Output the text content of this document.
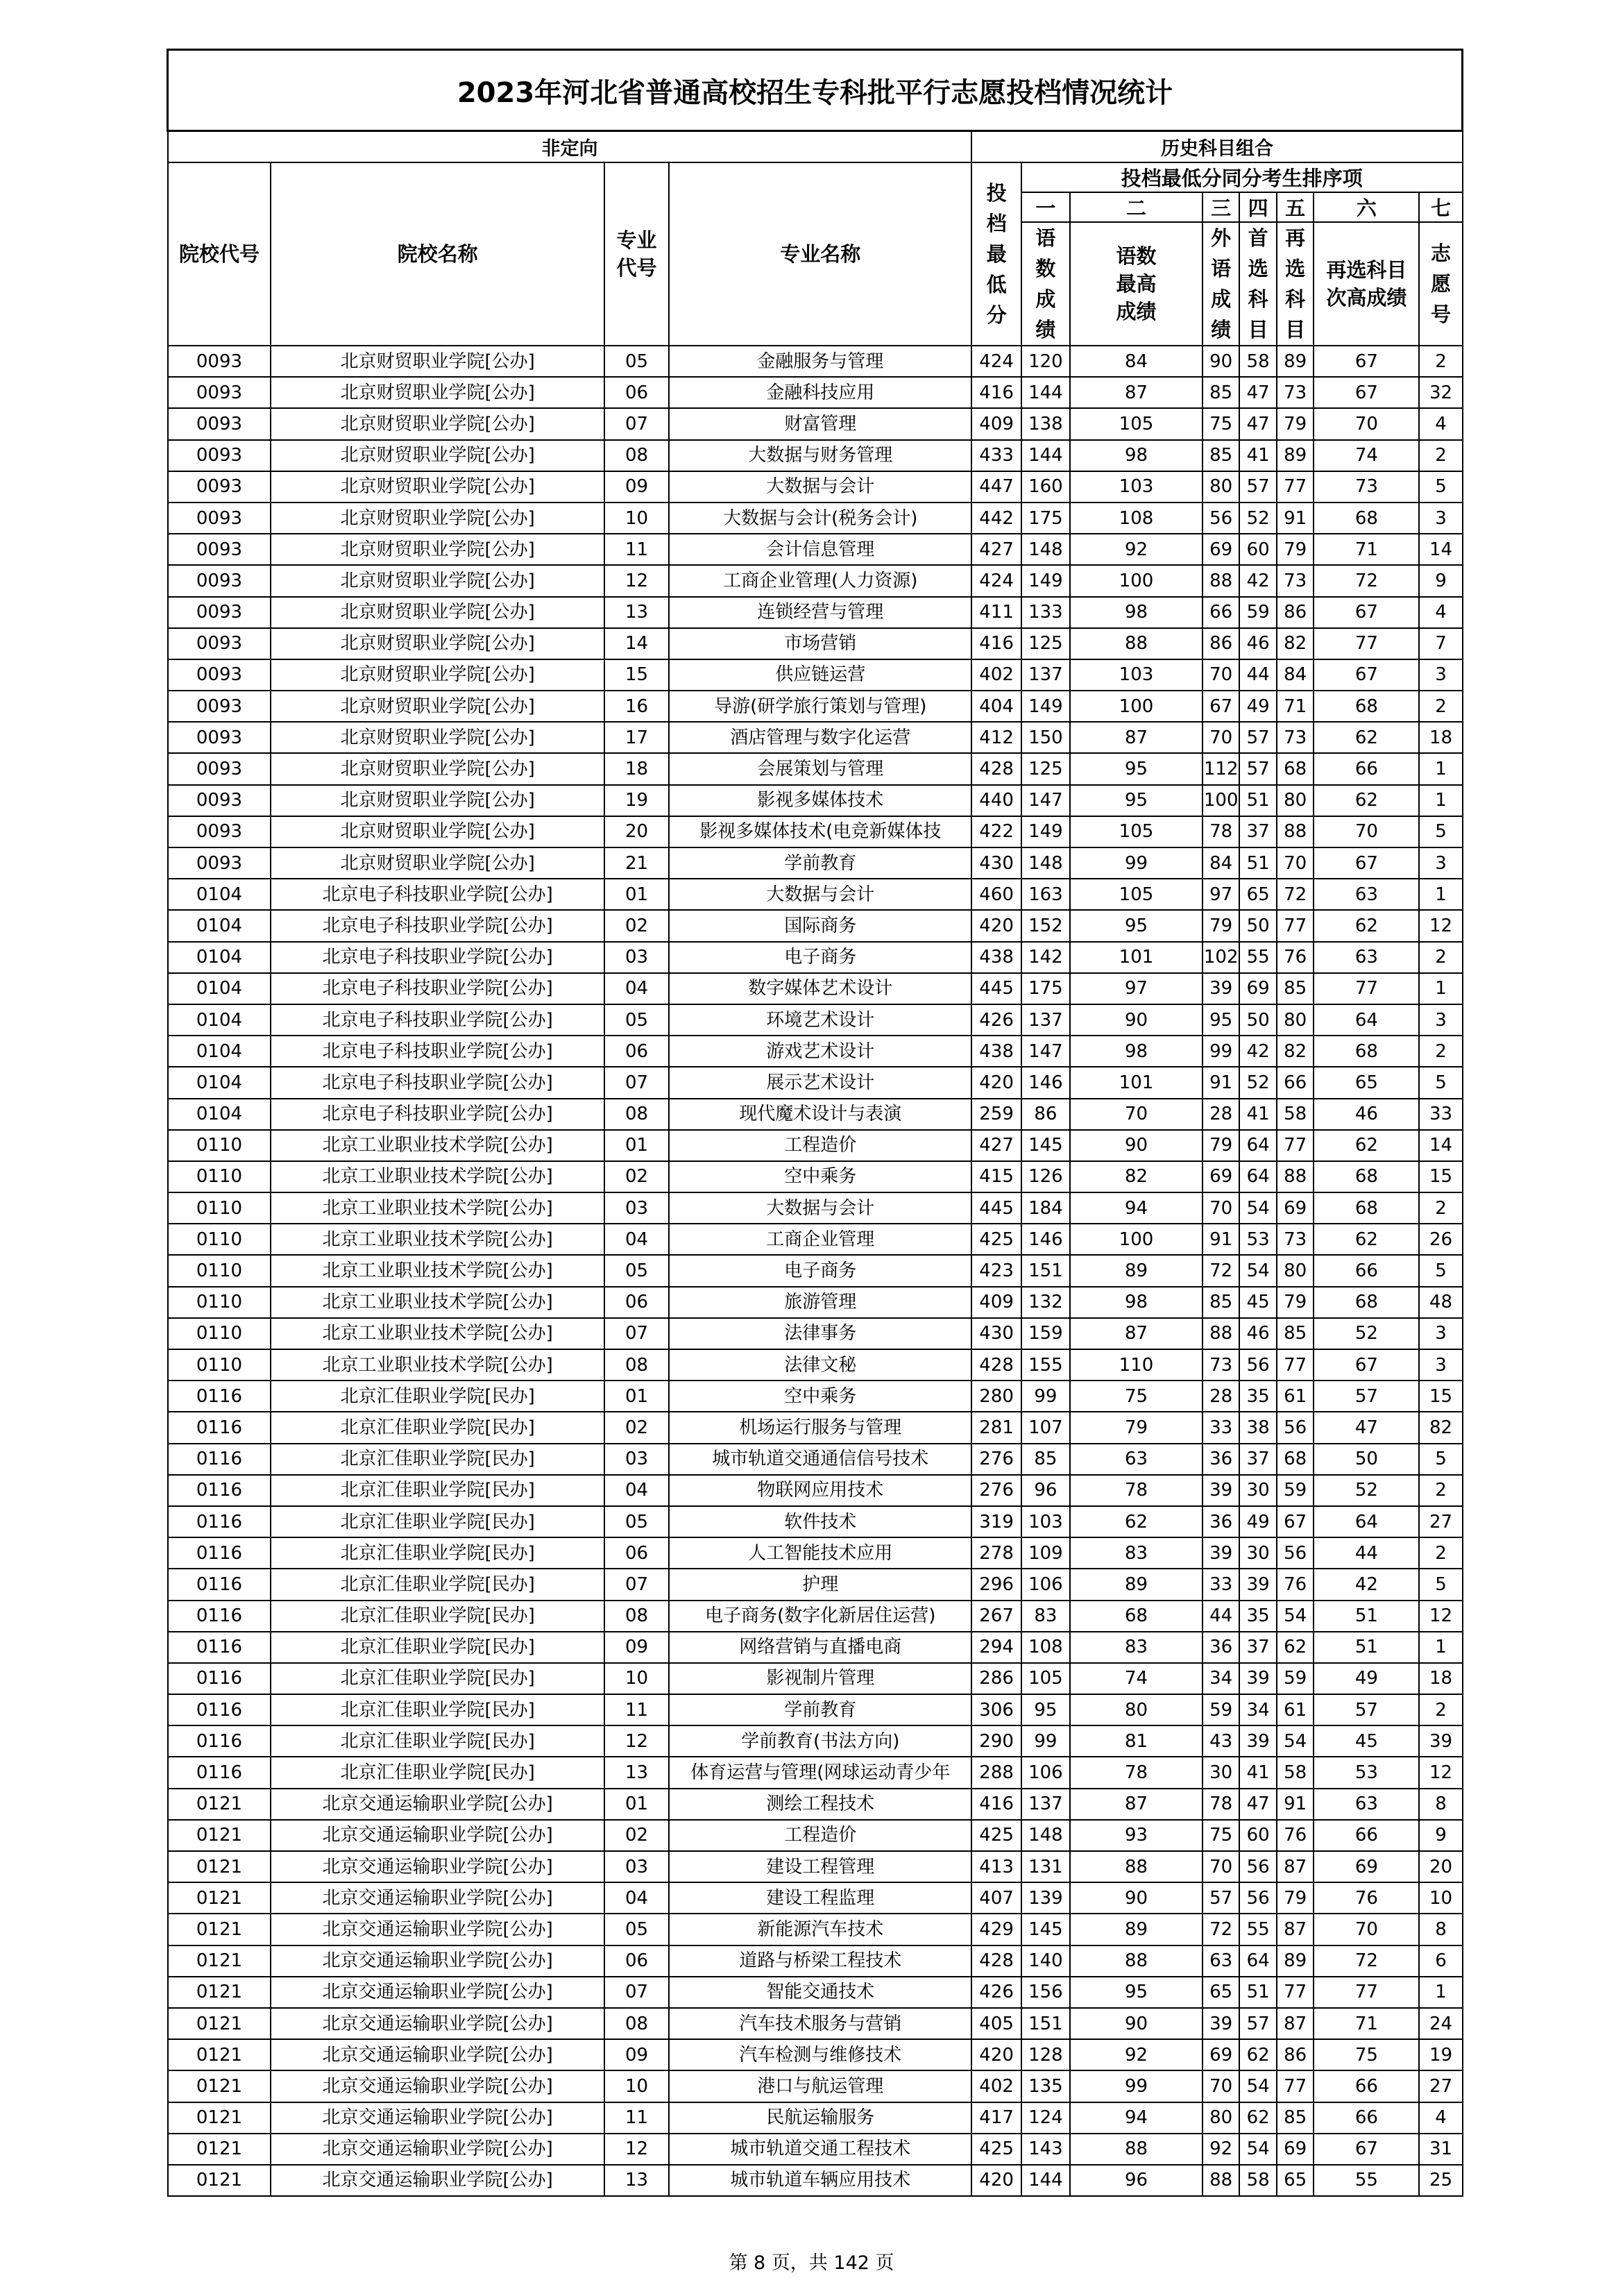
2023年河北省普通高校招生专科批平行志愿投档情况统计											
非定向				历史科目组合							
院校代号	院校名称	专业代号	专业名称	投档最低分	投档最低分同分考生排序项						
					一	二	三	四	五	六	七
					语数成绩	语数最高成绩	外语成绩	首选科目	再选科目	再选科目次高成绩	志愿号
0093	北京财贸职业学院[公办]	05	金融服务与管理	424	120	84	90	58	89	67	2
0093	北京财贸职业学院[公办]	06	金融科技应用	416	144	87	85	47	73	67	32
0093	北京财贸职业学院[公办]	07	财富管理	409	138	105	75	47	79	70	4
0093	北京财贸职业学院[公办]	08	大数据与财务管理	433	144	98	85	41	89	74	2
0093	北京财贸职业学院[公办]	09	大数据与会计	447	160	103	80	57	77	73	5
0093	北京财贸职业学院[公办]	10	大数据与会计(税务会计)	442	175	108	56	52	91	68	3
0093	北京财贸职业学院[公办]	11	会计信息管理	427	148	92	69	60	79	71	14
0093	北京财贸职业学院[公办]	12	工商企业管理(人力资源)	424	149	100	88	42	73	72	9
0093	北京财贸职业学院[公办]	13	连锁经营与管理	411	133	98	66	59	86	67	4
0093	北京财贸职业学院[公办]	14	市场营销	416	125	88	86	46	82	77	7
0093	北京财贸职业学院[公办]	15	供应链运营	402	137	103	70	44	84	67	3
0093	北京财贸职业学院[公办]	16	导游(研学旅行策划与管理)	404	149	100	67	49	71	68	2
0093	北京财贸职业学院[公办]	17	酒店管理与数字化运营	412	150	87	70	57	73	62	18
0093	北京财贸职业学院[公办]	18	会展策划与管理	428	125	95	112	57	68	66	1
0093	北京财贸职业学院[公办]	19	影视多媒体技术	440	147	95	100	51	80	62	1
0093	北京财贸职业学院[公办]	20	影视多媒体技术(电竞新媒体技	422	149	105	78	37	88	70	5
0093	北京财贸职业学院[公办]	21	学前教育	430	148	99	84	51	70	67	3
0104	北京电子科技职业学院[公办]	01	大数据与会计	460	163	105	97	65	72	63	1
0104	北京电子科技职业学院[公办]	02	国际商务	420	152	95	79	50	77	62	12
0104	北京电子科技职业学院[公办]	03	电子商务	438	142	101	102	55	76	63	2
0104	北京电子科技职业学院[公办]	04	数字媒体艺术设计	445	175	97	39	69	85	77	1
0104	北京电子科技职业学院[公办]	05	环境艺术设计	426	137	90	95	50	80	64	3
0104	北京电子科技职业学院[公办]	06	游戏艺术设计	438	147	98	99	42	82	68	2
0104	北京电子科技职业学院[公办]	07	展示艺术设计	420	146	101	91	52	66	65	5
0104	北京电子科技职业学院[公办]	08	现代魔术设计与表演	259	86	70	28	41	58	46	33
0110	北京工业职业技术学院[公办]	01	工程造价	427	145	90	79	64	77	62	14
0110	北京工业职业技术学院[公办]	02	空中乘务	415	126	82	69	64	88	68	15
0110	北京工业职业技术学院[公办]	03	大数据与会计	445	184	94	70	54	69	68	2
0110	北京工业职业技术学院[公办]	04	工商企业管理	425	146	100	91	53	73	62	26
0110	北京工业职业技术学院[公办]	05	电子商务	423	151	89	72	54	80	66	5
0110	北京工业职业技术学院[公办]	06	旅游管理	409	132	98	85	45	79	68	48
0110	北京工业职业技术学院[公办]	07	法律事务	430	159	87	88	46	85	52	3
0110	北京工业职业技术学院[公办]	08	法律文秘	428	155	110	73	56	77	67	3
0116	北京汇佳职业学院[民办]	01	空中乘务	280	99	75	28	35	61	57	15
0116	北京汇佳职业学院[民办]	02	机场运行服务与管理	281	107	79	33	38	56	47	82
0116	北京汇佳职业学院[民办]	03	城市轨道交通通信信号技术	276	85	63	36	37	68	50	5
0116	北京汇佳职业学院[民办]	04	物联网应用技术	276	96	78	39	30	59	52	2
0116	北京汇佳职业学院[民办]	05	软件技术	319	103	62	36	49	67	64	27
0116	北京汇佳职业学院[民办]	06	人工智能技术应用	278	109	83	39	30	56	44	2
0116	北京汇佳职业学院[民办]	07	护理	296	106	89	33	39	76	42	5
0116	北京汇佳职业学院[民办]	08	电子商务(数字化新居住运营)	267	83	68	44	35	54	51	12
0116	北京汇佳职业学院[民办]	09	网络营销与直播电商	294	108	83	36	37	62	51	1
0116	北京汇佳职业学院[民办]	10	影视制片管理	286	105	74	34	39	59	49	18
0116	北京汇佳职业学院[民办]	11	学前教育	306	95	80	59	34	61	57	2
0116	北京汇佳职业学院[民办]	12	学前教育(书法方向)	290	99	81	43	39	54	45	39
0116	北京汇佳职业学院[民办]	13	体育运营与管理(网球运动青少年	288	106	78	30	41	58	53	12
0121	北京交通运输职业学院[公办]	01	测绘工程技术	416	137	87	78	47	91	63	8
0121	北京交通运输职业学院[公办]	02	工程造价	425	148	93	75	60	76	66	9
0121	北京交通运输职业学院[公办]	03	建设工程管理	413	131	88	70	56	87	69	20
0121	北京交通运输职业学院[公办]	04	建设工程监理	407	139	90	57	56	79	76	10
0121	北京交通运输职业学院[公办]	05	新能源汽车技术	429	145	89	72	55	87	70	8
0121	北京交通运输职业学院[公办]	06	道路与桥梁工程技术	428	140	88	63	64	89	72	6
0121	北京交通运输职业学院[公办]	07	智能交通技术	426	156	95	65	51	77	77	1
0121	北京交通运输职业学院[公办]	08	汽车技术服务与营销	405	151	90	39	57	87	71	24
0121	北京交通运输职业学院[公办]	09	汽车检测与维修技术	420	128	92	69	62	86	75	19
0121	北京交通运输职业学院[公办]	10	港口与航运管理	402	135	99	70	54	77	66	27
0121	北京交通运输职业学院[公办]	11	民航运输服务	417	124	94	80	62	85	66	4
0121	北京交通运输职业学院[公办]	12	城市轨道交通工程技术	425	143	88	92	54	69	67	31
0121	北京交通运输职业学院[公办]	13	城市轨道车辆应用技术	420	144	96	88	58	65	55	25
第 8 页，共 142 页
